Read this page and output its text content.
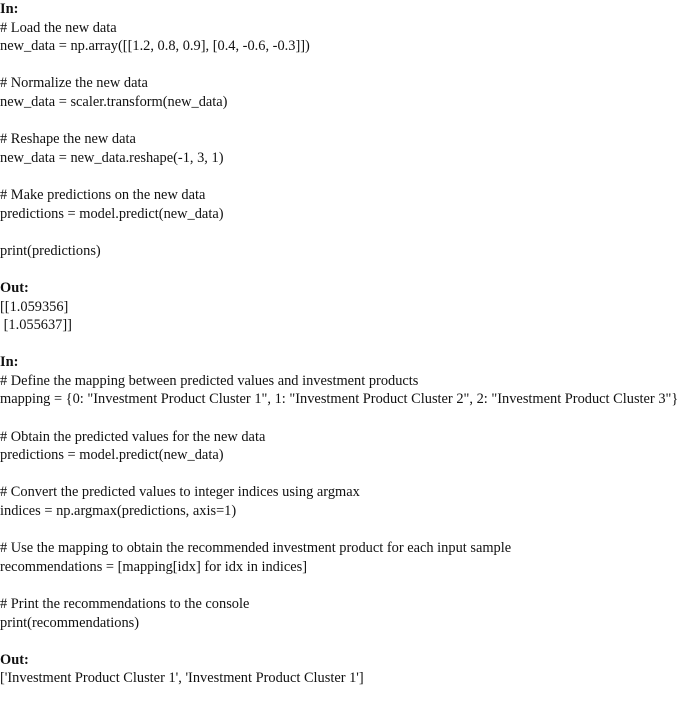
In:
# Load the new data
new_data = np.array([[1.2, 0.8, 0.9], [0.4, -0.6, -0.3]])
# Normalize the new data
new_data = scaler.transform(new_data)
# Reshape the new data
new_data = new_data.reshape(-1, 3, 1)
# Make predictions on the new data
predictions = model.predict(new_data)
print(predictions)
Out:
[[1.059356]
[1.055637]]
In:
# Define the mapping between predicted values and investment products
mapping = {0: "Investment Product Cluster 1", 1: "Investment Product Cluster 2", 2: "Investment Product Cluster 3"}
# Obtain the predicted values for the new data
predictions = model.predict(new_data)
# Convert the predicted values to integer indices using argmax
indices = np.argmax(predictions, axis=1)
# Use the mapping to obtain the recommended investment product for each input sample
recommendations = [mapping[idx] for idx in indices]
# Print the recommendations to the console
print(recommendations)
Out:
['Investment Product Cluster 1', 'Investment Product Cluster 1']
